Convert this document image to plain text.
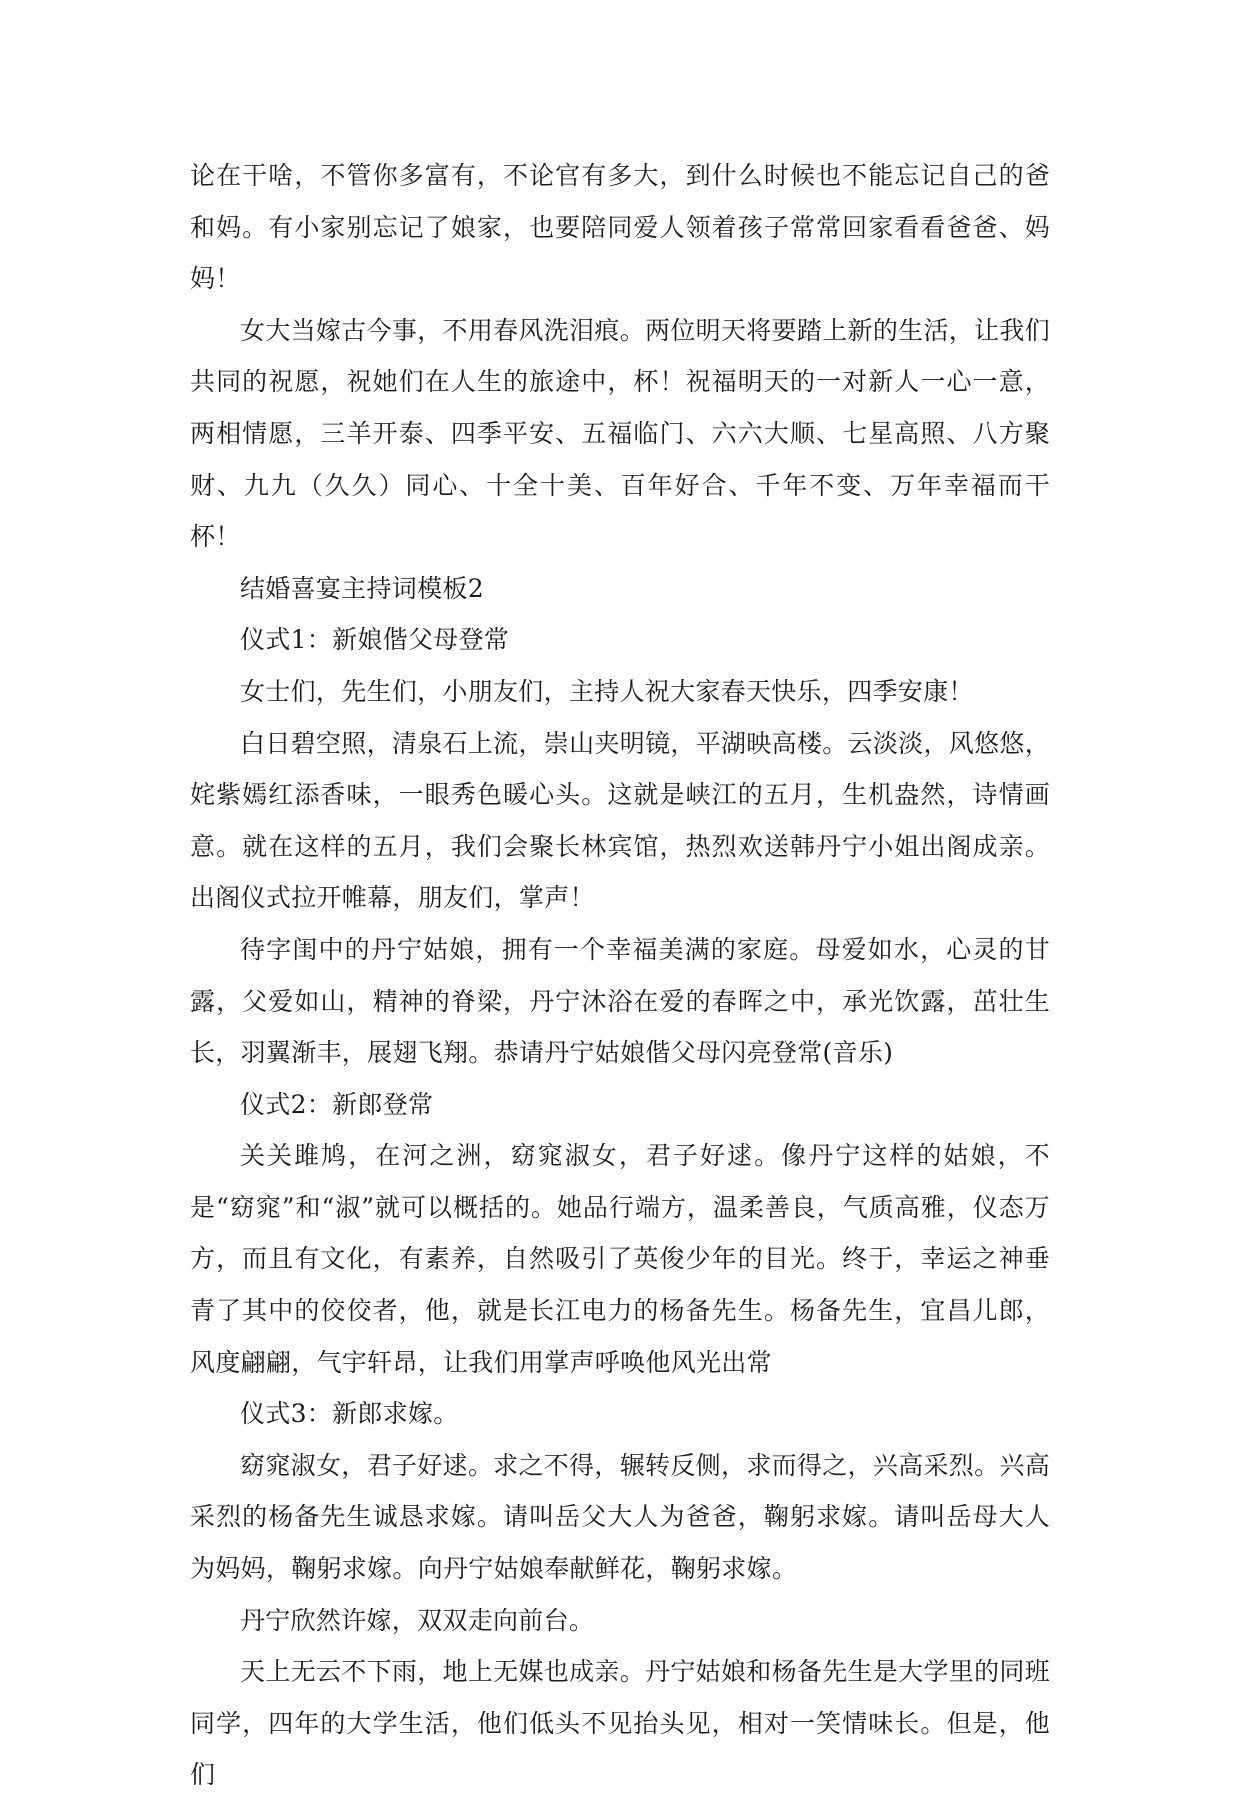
论在干啥，不管你多富有，不论官有多大，到什么时候也不能忘记自己的爸和妈。有小家别忘记了娘家，也要陪同爱人领着孩子常常回家看看爸爸、妈妈！

女大当嫁古今事，不用春风洗泪痕。两位明天将要踏上新的生活，让我们共同的祝愿，祝她们在人生的旅途中，杯！祝福明天的一对新人一心一意，两相情愿，三羊开泰、四季平安、五福临门、六六大顺、七星高照、八方聚财、九九（久久）同心、十全十美、百年好合、千年不变、万年幸福而干杯！

结婚喜宴主持词模板2

仪式1：新娘偕父母登常

女士们，先生们，小朋友们，主持人祝大家春天快乐，四季安康！

白日碧空照，清泉石上流，崇山夹明镜，平湖映高楼。云淡淡，风悠悠，姹紫嫣红添香味，一眼秀色暖心头。这就是峡江的五月，生机盎然，诗情画意。就在这样的五月，我们会聚长林宾馆，热烈欢送韩丹宁小姐出阁成亲。出阁仪式拉开帷幕，朋友们，掌声！

待字闺中的丹宁姑娘，拥有一个幸福美满的家庭。母爱如水，心灵的甘露，父爱如山，精神的脊梁，丹宁沐浴在爱的春晖之中，承光饮露，茁壮生长，羽翼渐丰，展翅飞翔。恭请丹宁姑娘偕父母闪亮登常(音乐)

仪式2：新郎登常

关关雎鸠，在河之洲，窈窕淑女，君子好逑。像丹宁这样的姑娘，不是“窈窕”和“淑”就可以概括的。她品行端方，温柔善良，气质高雅，仪态万方，而且有文化，有素养，自然吸引了英俊少年的目光。终于，幸运之神垂青了其中的佼佼者，他，就是长江电力的杨备先生。杨备先生，宜昌儿郎，风度翩翩，气宇轩昂，让我们用掌声呼唤他风光出常

仪式3：新郎求嫁。

窈窕淑女，君子好逑。求之不得，辗转反侧，求而得之，兴高采烈。兴高采烈的杨备先生诚恳求嫁。请叫岳父大人为爸爸，鞠躬求嫁。请叫岳母大人为妈妈，鞠躬求嫁。向丹宁姑娘奉献鲜花，鞠躬求嫁。

丹宁欣然许嫁，双双走向前台。

天上无云不下雨，地上无媒也成亲。丹宁姑娘和杨备先生是大学里的同班同学，四年的大学生活，他们低头不见抬头见，相对一笑情味长。但是，他们
